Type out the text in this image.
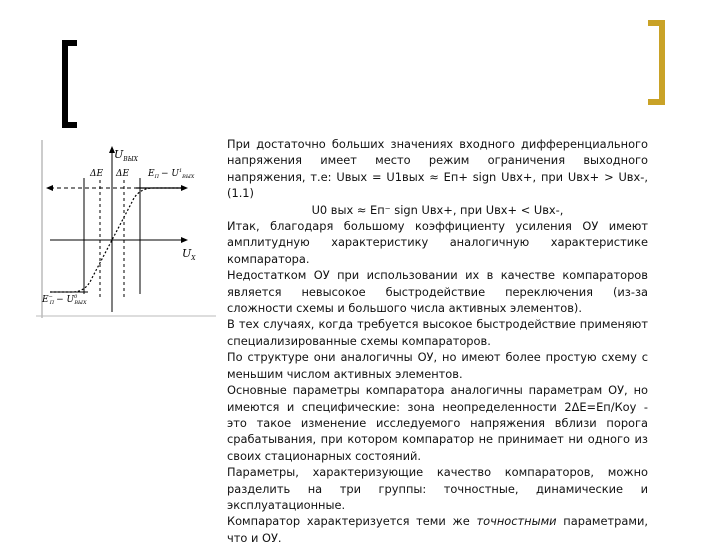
$U_{ВЫХ}$
$U_X$
ΔE ΔE $E_П - U^1_{ВЫХ}$
E− $П - U^0$ ВЫХ

При достаточно больших значениях входного дифференциального напряжения имеет место режим ограничения выходного напряжения, т.е: Uвых = U1вых ≈ Еп+ sign Uвх+, при Uвх+ > Uвх-, (1.1)

U0 вых ≈ Еп⁻ sign Uвх+, при Uвх+ < Uвх-,

Итак, благодаря большому коэффициенту усиления ОУ имеют амплитудную характеристику аналогичную характеристике компаратора.

Недостатком ОУ при использовании их в качестве компараторов является невысокое быстродействие переключения (из-за сложности схемы и большого числа активных элементов).

В тех случаях, когда требуется высокое быстродействие применяют специализированные схемы компараторов.

По структуре они аналогичны ОУ, но имеют более простую схему с меньшим числом активных элементов.

Основные параметры компаратора аналогичны параметрам ОУ, но имеются и специфические: зона неопределенности 2ΔE=Еп/Коу - это такое изменение исследуемого напряжения вблизи порога срабатывания, при котором компаратор не принимает ни одного из своих стационарных состояний.

Параметры, характеризующие качество компараторов, можно разделить на три группы: точностные, динамические и эксплуатационные.

Компаратор характеризуется теми же точностными параметрами, что и ОУ.
